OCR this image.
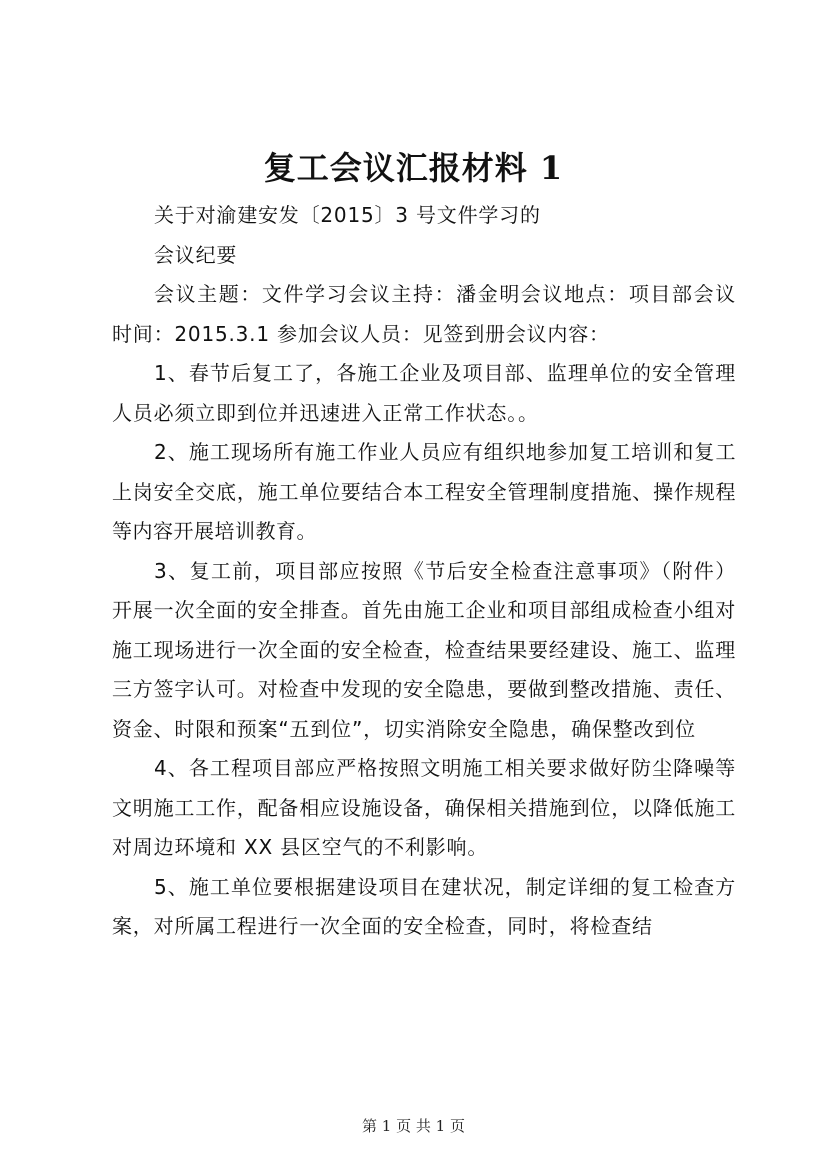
复工会议汇报材料 1

关于对渝建安发〔2015〕3 号文件学习的

会议纪要

会议主题：文件学习会议主持：潘金明会议地点：项目部会议时间：2015.3.1 参加会议人员：见签到册会议内容：

1、春节后复工了，各施工企业及项目部、监理单位的安全管理人员必须立即到位并迅速进入正常工作状态。。

2、施工现场所有施工作业人员应有组织地参加复工培训和复工上岗安全交底，施工单位要结合本工程安全管理制度措施、操作规程等内容开展培训教育。

3、复工前，项目部应按照《节后安全检查注意事项》（附件）开展一次全面的安全排查。首先由施工企业和项目部组成检查小组对施工现场进行一次全面的安全检查，检查结果要经建设、施工、监理三方签字认可。对检查中发现的安全隐患，要做到整改措施、责任、资金、时限和预案“五到位”，切实消除安全隐患，确保整改到位

4、各工程项目部应严格按照文明施工相关要求做好防尘降噪等文明施工工作，配备相应设施设备，确保相关措施到位，以降低施工对周边环境和 XX 县区空气的不利影响。

5、施工单位要根据建设项目在建状况，制定详细的复工检查方案，对所属工程进行一次全面的安全检查，同时，将检查结

第 1 页 共 1 页
